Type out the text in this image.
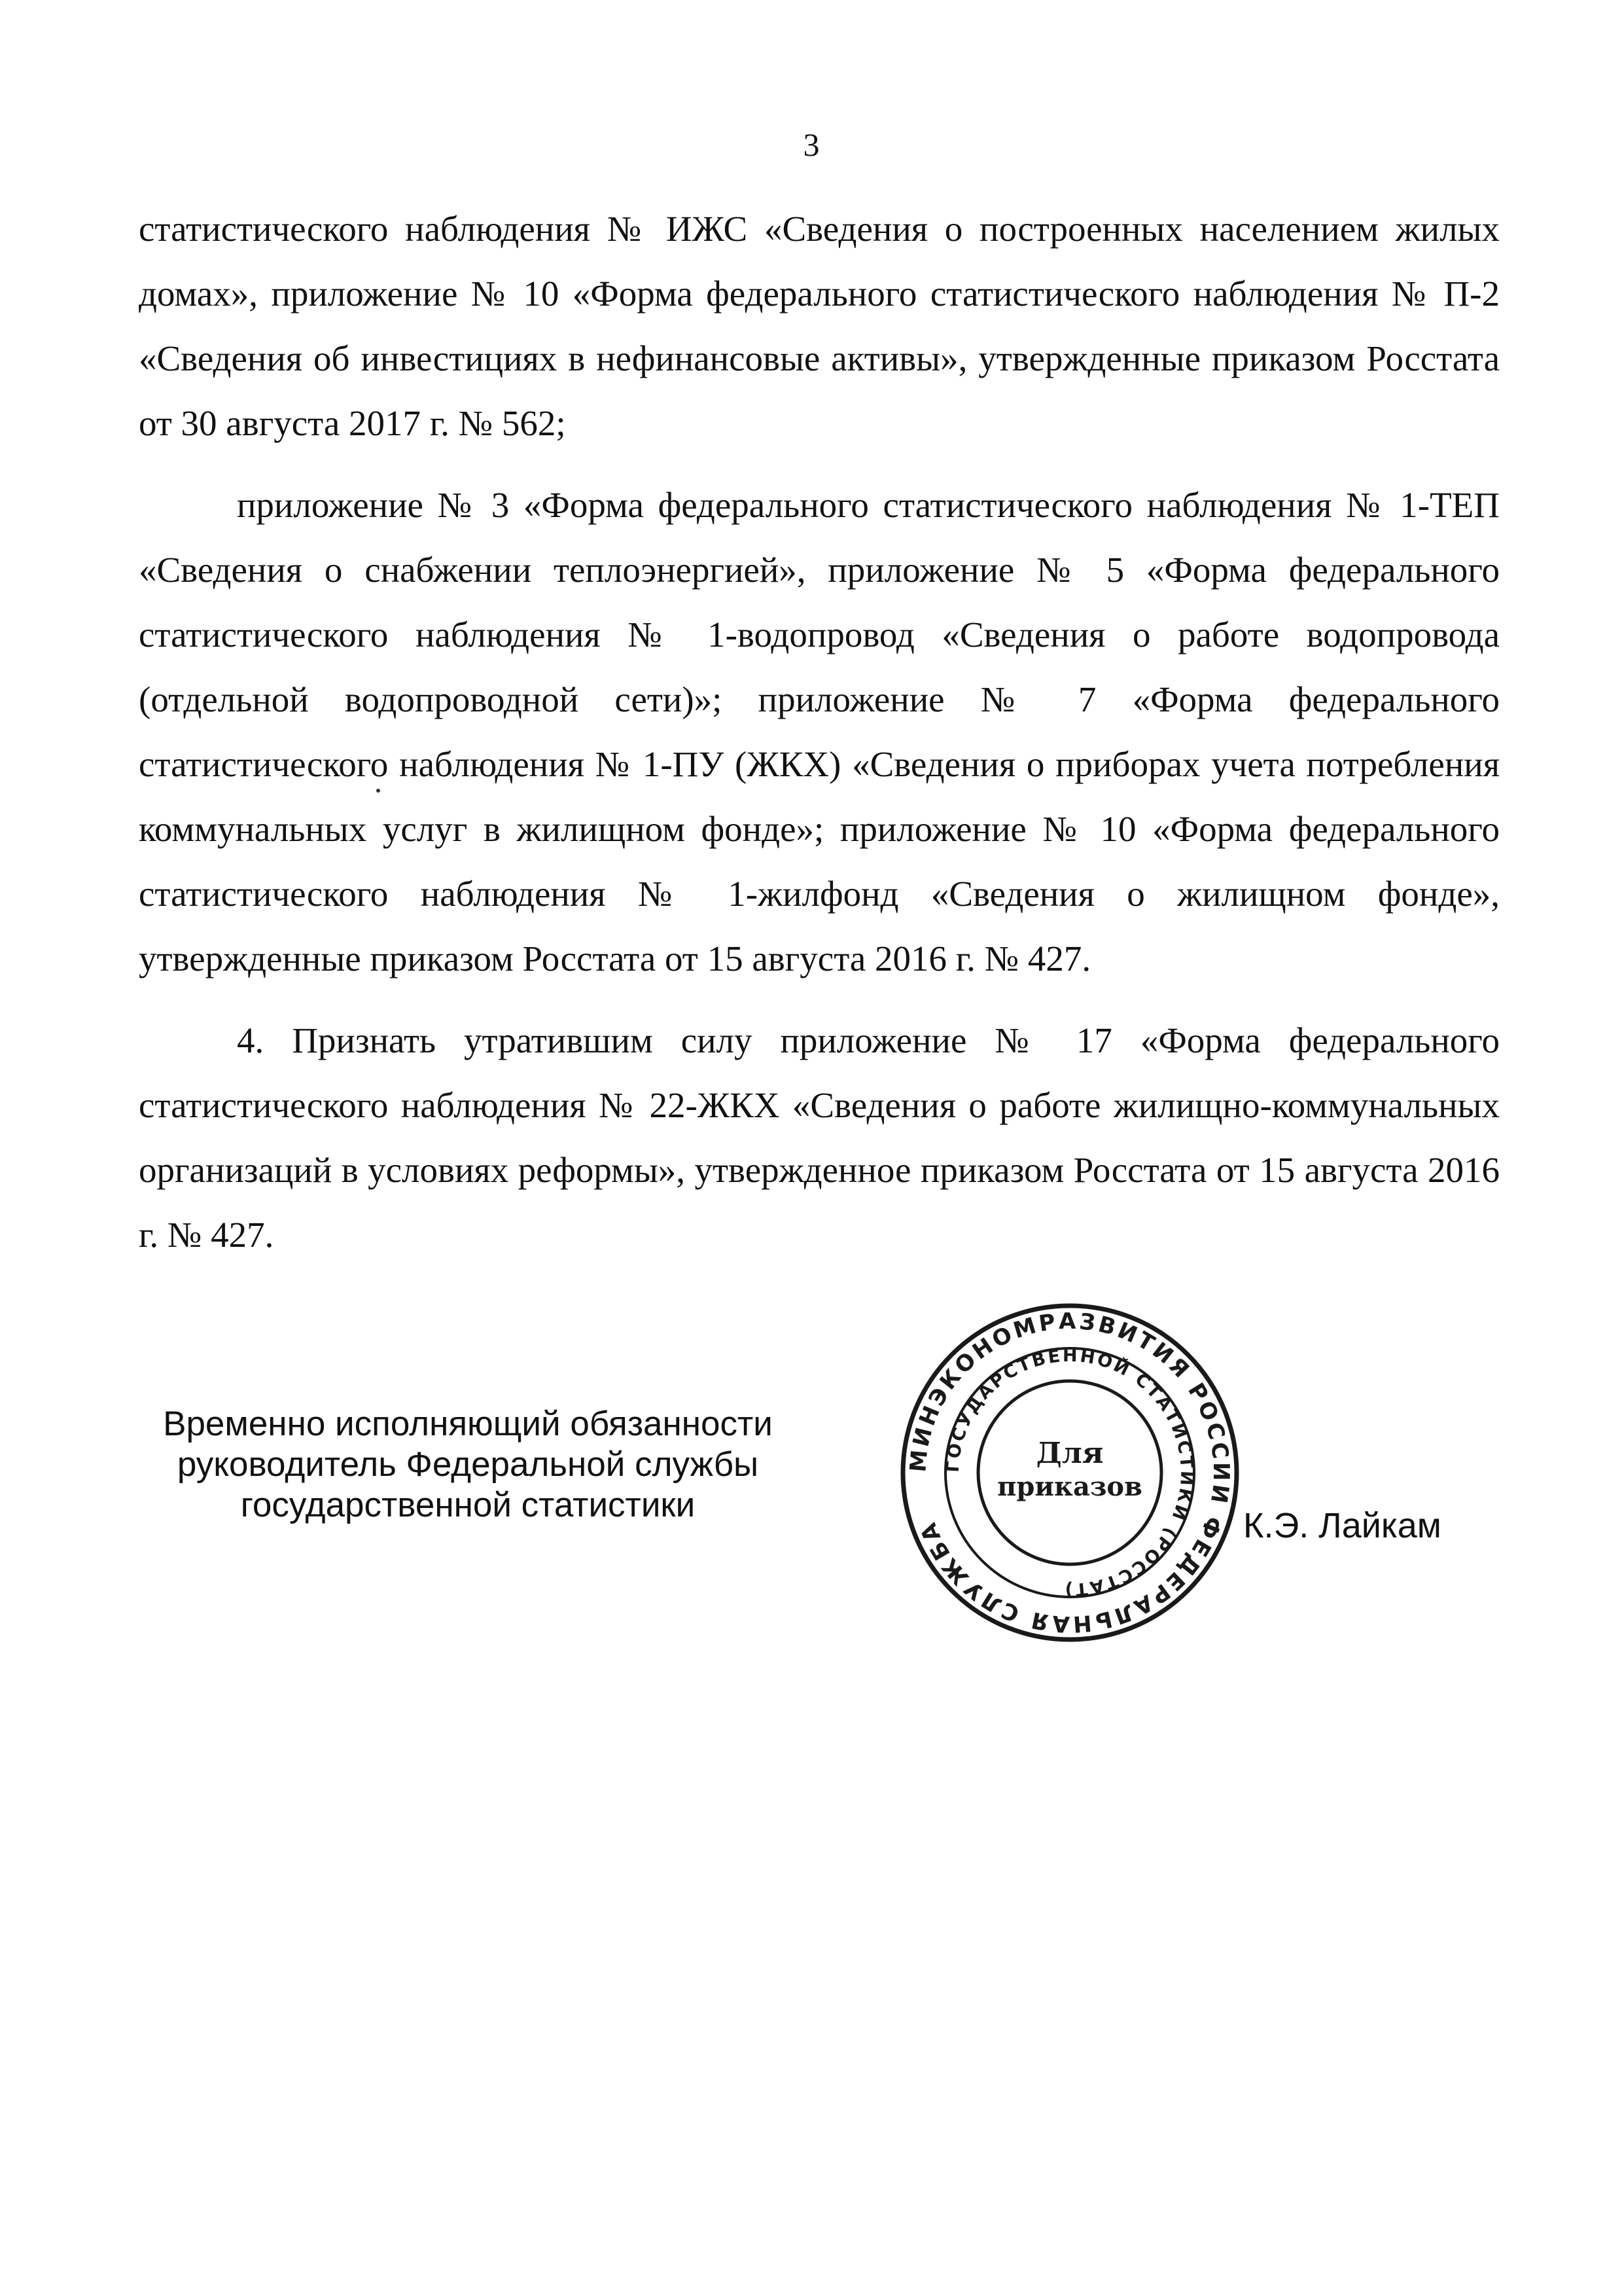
3

статистического наблюдения № ИЖС «Сведения о построенных населением жилых домах», приложение № 10 «Форма федерального статистического наблюдения № П-2 «Сведения об инвестициях в нефинансовые активы», утвержденные приказом Росстата от 30 августа 2017 г. № 562;

приложение № 3 «Форма федерального статистического наблюдения № 1-ТЕП «Сведения о снабжении теплоэнергией», приложение № 5 «Форма федерального статистического наблюдения № 1-водопровод «Сведения о работе водопровода (отдельной водопроводной сети)»; приложение № 7 «Форма федерального статистического наблюдения № 1-ПУ (ЖКХ) «Сведения о приборах учета потребления коммунальных услуг в жилищном фонде»; приложение № 10 «Форма федерального статистического наблюдения № 1-жилфонд «Сведения о жилищном фонде», утвержденные приказом Росстата от 15 августа 2016 г. № 427.

4. Признать утратившим силу приложение № 17 «Форма федерального статистического наблюдения № 22-ЖКХ «Сведения о работе жилищно-коммунальных организаций в условиях реформы», утвержденное приказом Росстата от 15 августа 2016 г. № 427.

Временно исполняющий обязанности
руководитель Федеральной службы
государственной статистики
МИНЭКОНОМРАЗВИТИЯ РОССИИ ФЕДЕРАЛЬНАЯ СЛУЖБА
ГОСУДАРСТВЕННОЙ СТАТИСТИКИ (РОССТАТ)
Для
приказов
К.Э. Лайкам
